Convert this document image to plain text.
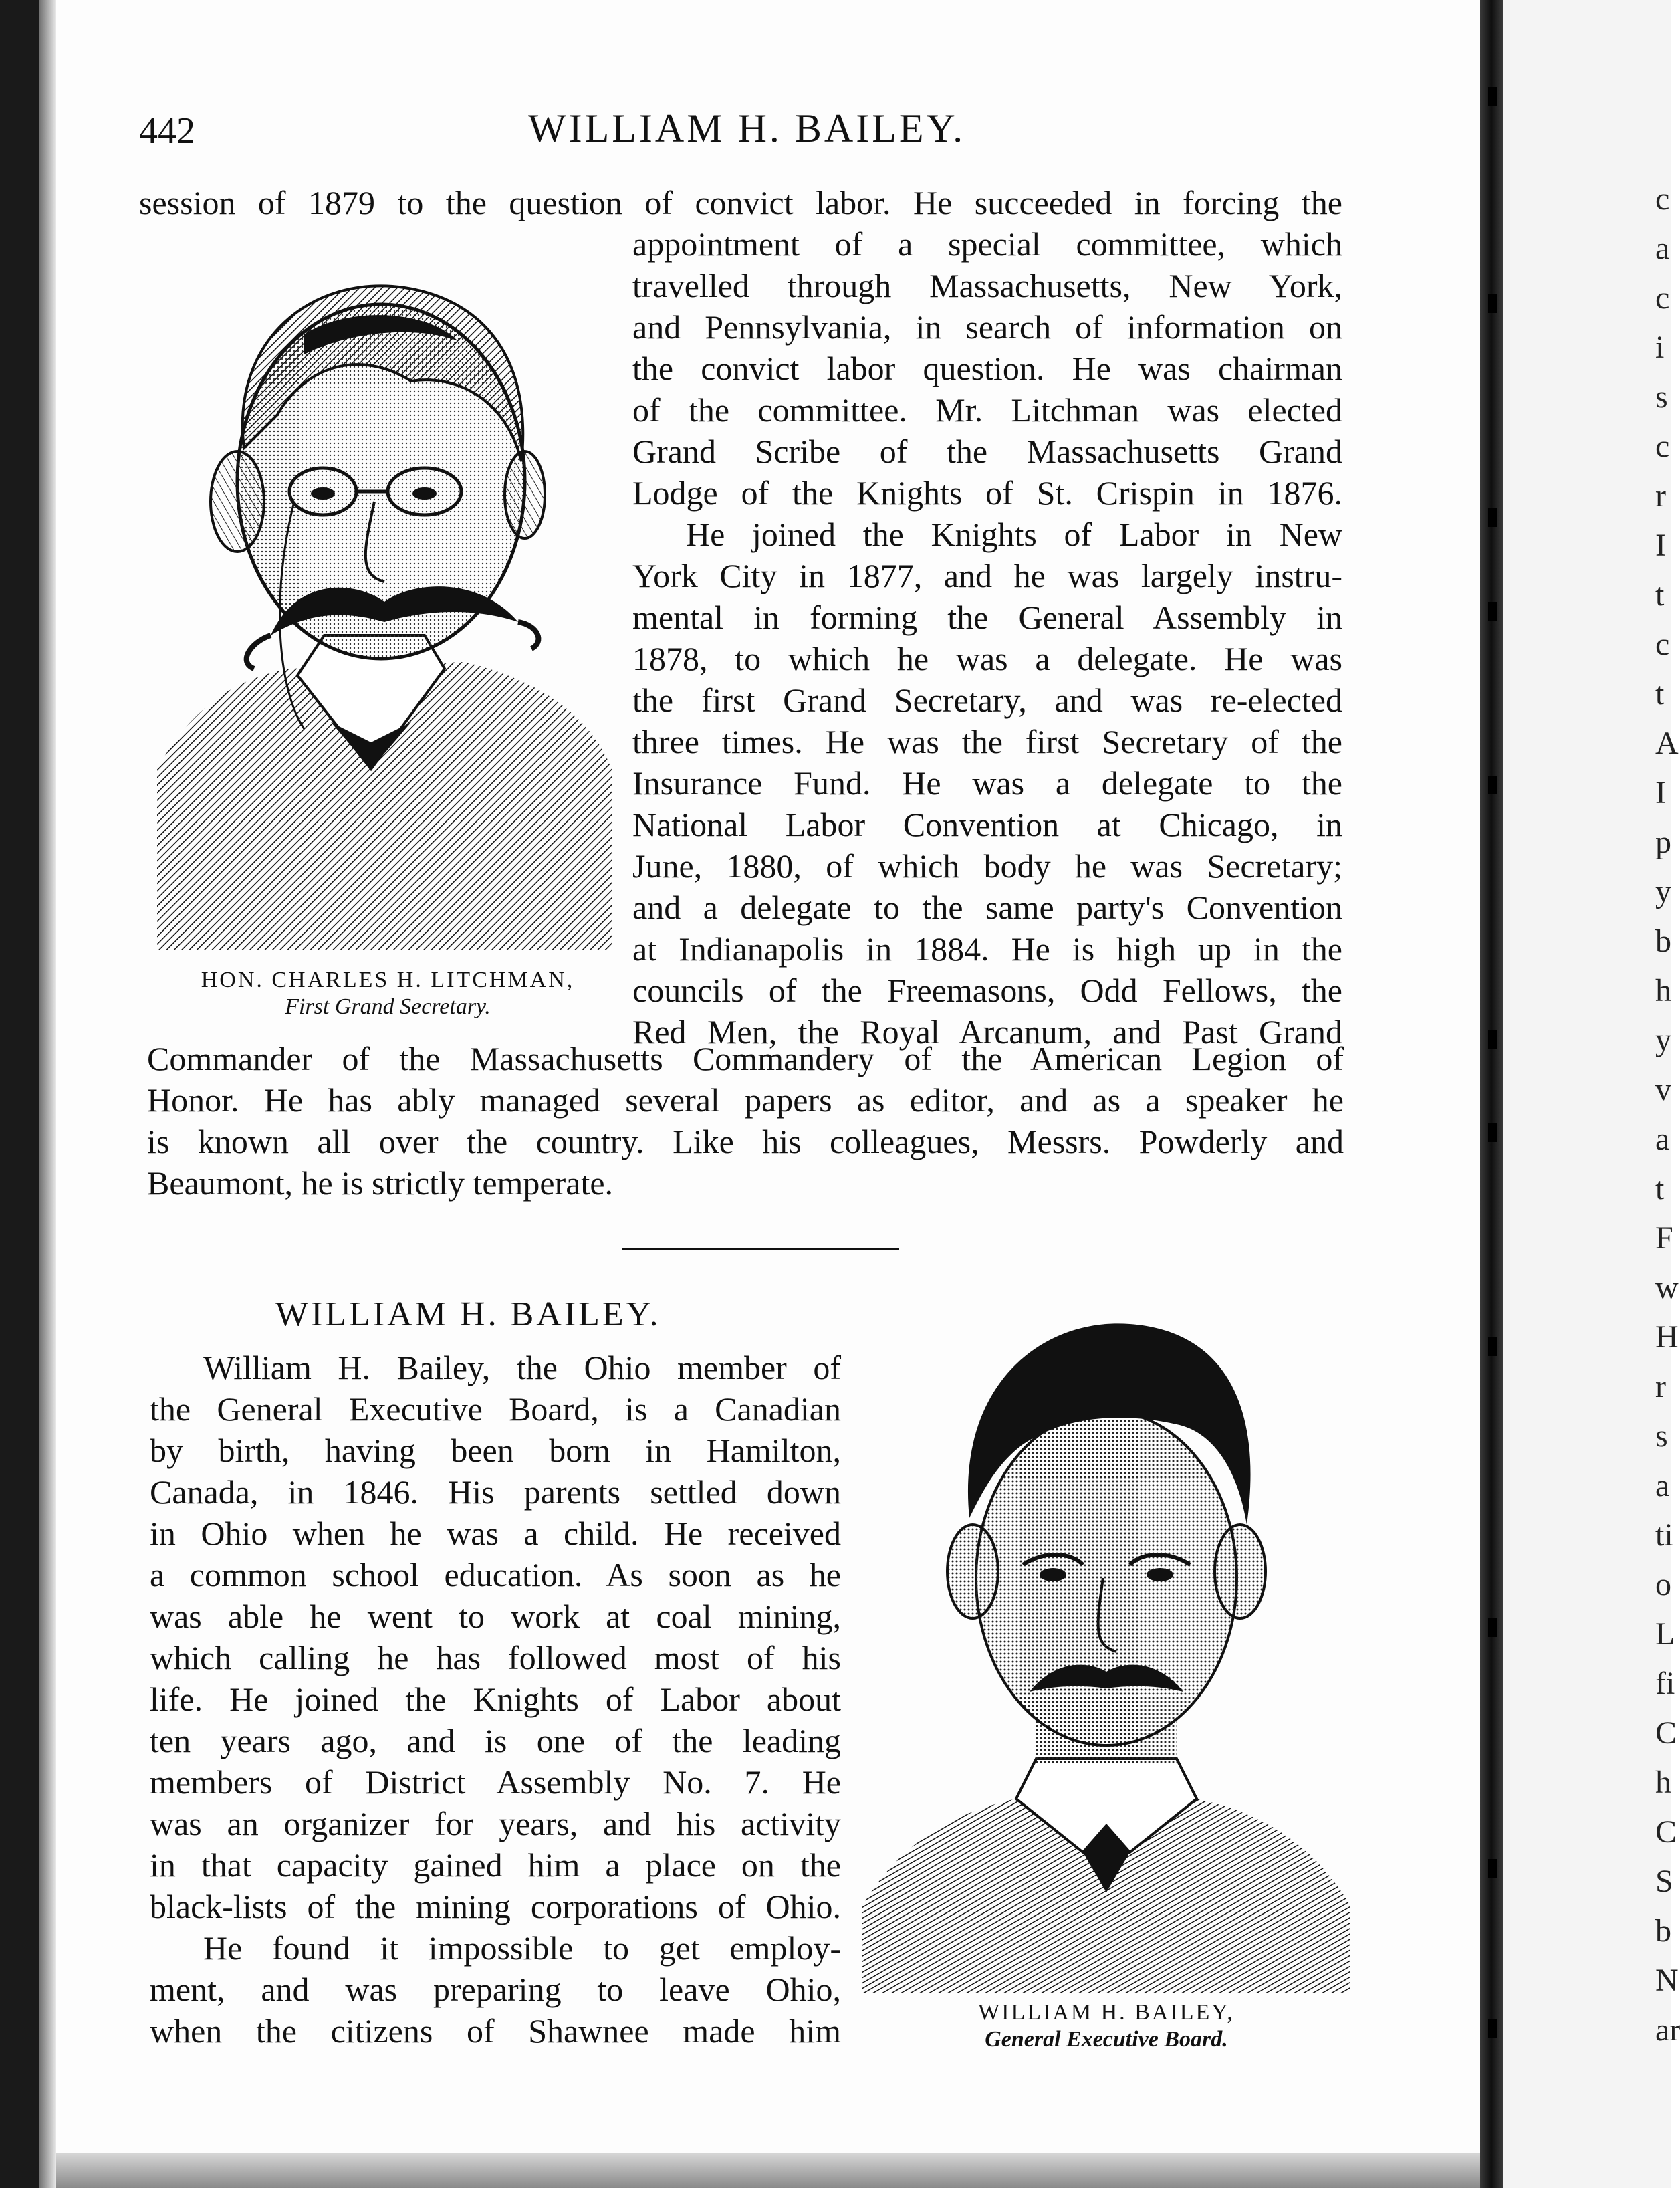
c
a
c
i
s
c
r
I
t
c
t
A
I
p
y
b
h
y
v
a
t
F
w
H
r
s
a
ti
o
L
fi
C
h
C
S
b
N
ar
442	WILLIAM H. BAILEY.
session of 1879 to the question of convict labor. He succeeded in forcing the
appointment of a special committee, which
travelled through Massachusetts, New York,
and Pennsylvania, in search of information on
the convict labor question. He was chairman
of the committee. Mr. Litchman was elected
Grand Scribe of the Massachusetts Grand
Lodge of the Knights of St. Crispin in 1876.
He joined the Knights of Labor in New
York City in 1877, and he was largely instru-
mental in forming the General Assembly in
1878, to which he was a delegate. He was
the first Grand Secretary, and was re-elected
three times. He was the first Secretary of the
Insurance Fund. He was a delegate to the
National Labor Convention at Chicago, in
June, 1880, of which body he was Secretary;
and a delegate to the same party's Convention
at Indianapolis in 1884. He is high up in the
councils of the Freemasons, Odd Fellows, the
Red Men, the Royal Arcanum, and Past Grand
HON. CHARLES H. LITCHMAN,
First Grand Secretary.
Commander of the Massachusetts Commandery of the American Legion of
Honor. He has ably managed several papers as editor, and as a speaker he
is known all over the country. Like his colleagues, Messrs. Powderly and
Beaumont, he is strictly temperate.
WILLIAM H. BAILEY.
William H. Bailey, the Ohio member of
the General Executive Board, is a Canadian
by birth, having been born in Hamilton,
Canada, in 1846. His parents settled down
in Ohio when he was a child. He received
a common school education. As soon as he
was able he went to work at coal mining,
which calling he has followed most of his
life. He joined the Knights of Labor about
ten years ago, and is one of the leading
members of District Assembly No. 7. He
was an organizer for years, and his activity
in that capacity gained him a place on the
black-lists of the mining corporations of Ohio.
He found it impossible to get employ-
ment, and was preparing to leave Ohio,
when the citizens of Shawnee made him	WILLIAM H. BAILEY,
General Executive Board.
